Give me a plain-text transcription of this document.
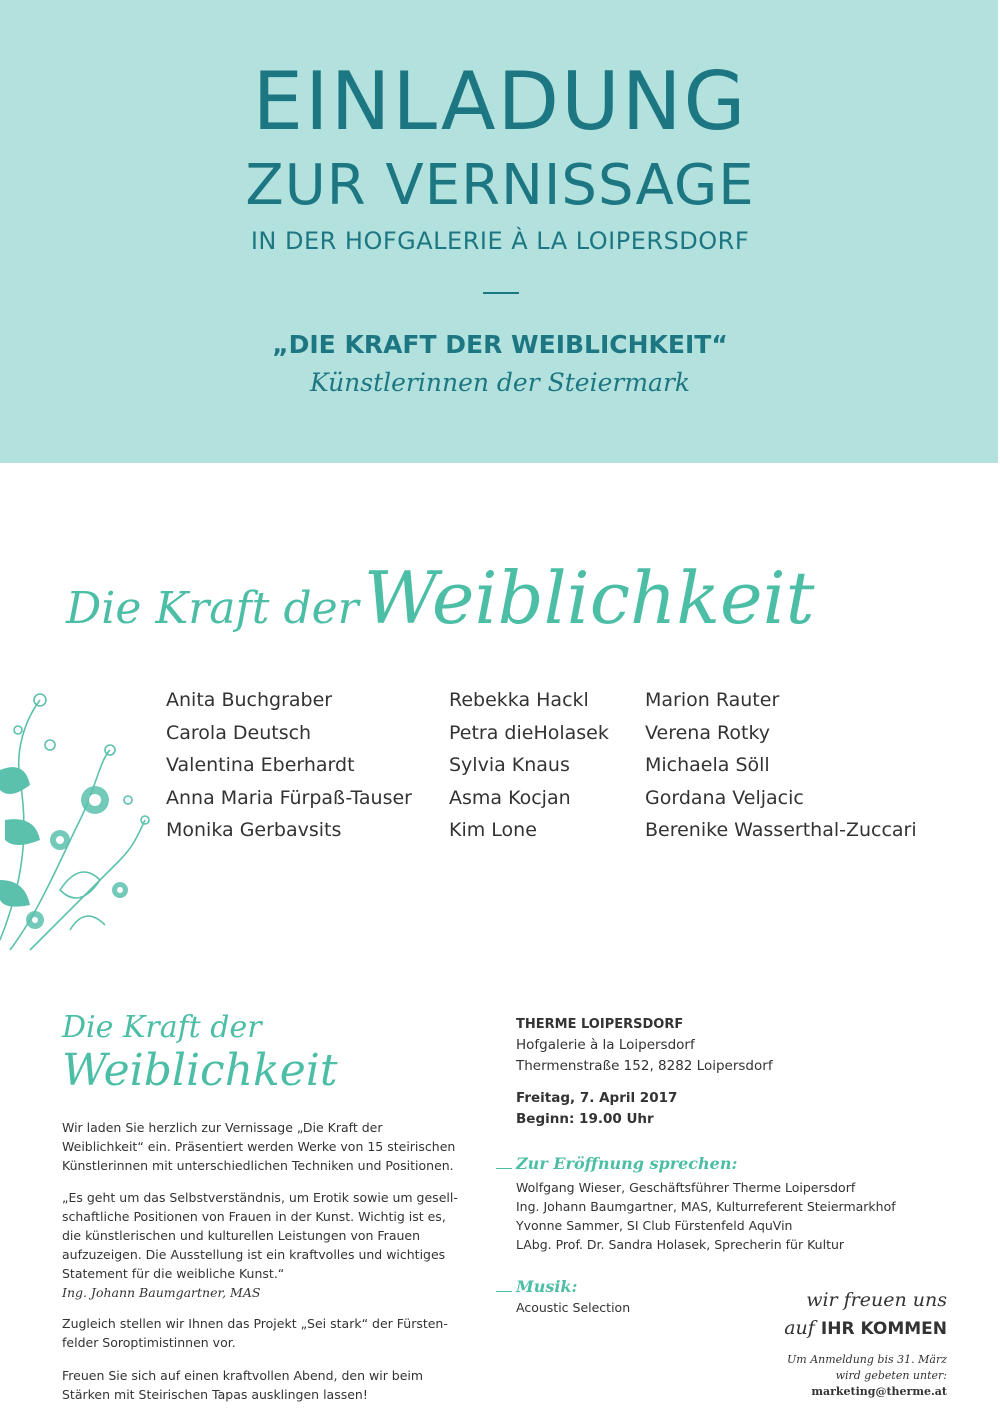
EINLADUNG
ZUR VERNISSAGE
IN DER HOFGALERIE À LA LOIPERSDORF
„DIE KRAFT DER WEIBLICHKEIT“
Künstlerinnen der Steiermark
Die Kraft der Weiblichkeit
Anita Buchgraber
Carola Deutsch
Valentina Eberhardt
Anna Maria Fürpaß-Tauser
Monika Gerbavsits
Rebekka Hackl
Petra dieHolasek
Sylvia Knaus
Asma Kocjan
Kim Lone
Marion Rauter
Verena Rotky
Michaela Söll
Gordana Veljacic
Berenike Wasserthal-Zuccari
Die Kraft der
Weiblichkeit

Wir laden Sie herzlich zur Vernissage „Die Kraft der Weiblichkeit“ ein. Präsentiert werden Werke von 15 steirischen Künstlerinnen mit unterschiedlichen Techniken und Positionen.

„Es geht um das Selbstverständnis, um Erotik sowie um gesell-schaftliche Positionen von Frauen in der Kunst. Wichtig ist es, die künstlerischen und kulturellen Leistungen von Frauen aufzuzeigen. Die Ausstellung ist ein kraftvolles und wichtiges Statement für die weibliche Kunst.“
Ing. Johann Baumgartner, MAS

Zugleich stellen wir Ihnen das Projekt „Sei stark“ der Fürsten-felder Soroptimistinnen vor.

Freuen Sie sich auf einen kraftvollen Abend, den wir beim Stärken mit Steirischen Tapas ausklingen lassen!

THERME LOIPERSDORF
Hofgalerie à la Loipersdorf
Thermenstraße 152, 8282 Loipersdorf
Freitag, 7. April 2017
Beginn: 19.00 Uhr
Zur Eröffnung sprechen:
Wolfgang Wieser, Geschäftsführer Therme Loipersdorf
Ing. Johann Baumgartner, MAS, Kulturreferent Steiermarkhof
Yvonne Sammer, SI Club Fürstenfeld AquVin
LAbg. Prof. Dr. Sandra Holasek, Sprecherin für Kultur
Musik:
Acoustic Selection	wir freuen uns
auf IHR KOMMEN
Um Anmeldung bis 31. März
wird gebeten unter:
marketing@therme.at
